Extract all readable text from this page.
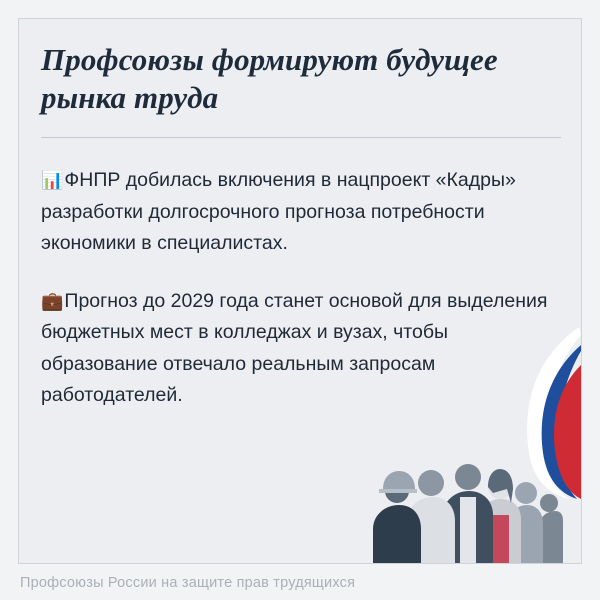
Профсоюзы формируют будущее рынка труда

📊ФНПР добилась включения в нацпроект «Кадры» разработки долгосрочного прогноза потребности экономики в специалистах.

💼Прогноз до 2029 года станет основой для выделения бюджетных мест в колледжах и вузах, чтобы образование отвечало реальным запросам работодателей.

Профсоюзы России на защите прав трудящихся
